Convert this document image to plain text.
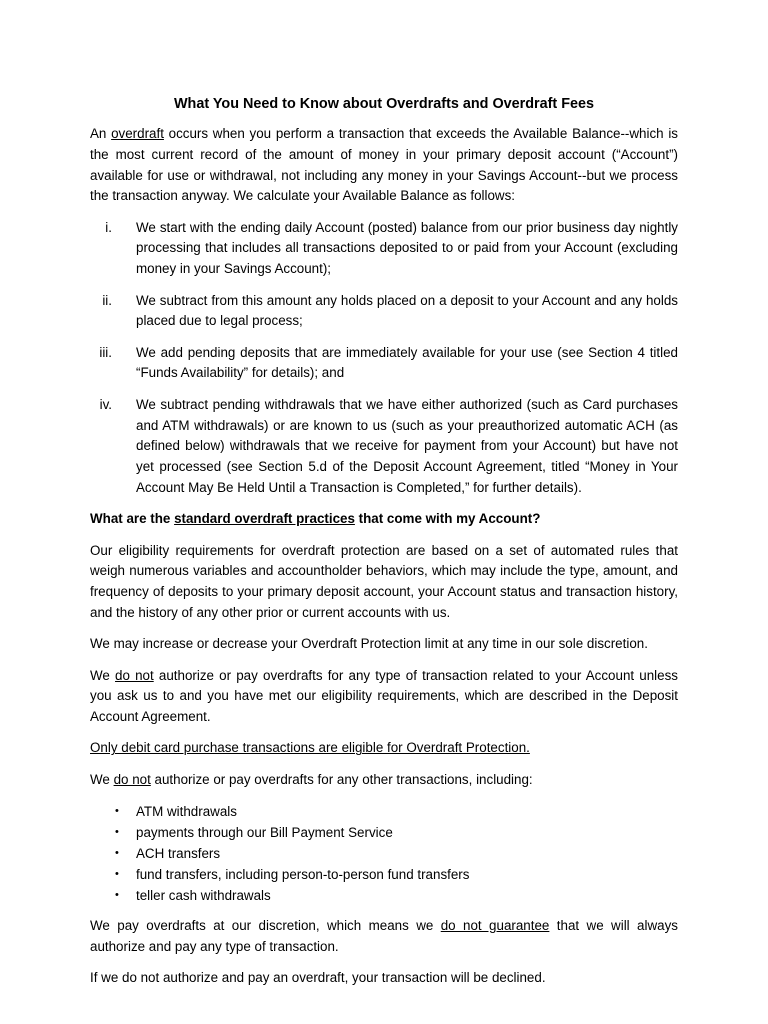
What You Need to Know about Overdrafts and Overdraft Fees

An overdraft occurs when you perform a transaction that exceeds the Available Balance--which is the most current record of the amount of money in your primary deposit account (“Account”) available for use or withdrawal, not including any money in your Savings Account--but we process the transaction anyway. We calculate your Available Balance as follows:

i. We start with the ending daily Account (posted) balance from our prior business day nightly processing that includes all transactions deposited to or paid from your Account (excluding money in your Savings Account);
ii. We subtract from this amount any holds placed on a deposit to your Account and any holds placed due to legal process;
iii. We add pending deposits that are immediately available for your use (see Section 4 titled “Funds Availability” for details); and
iv. We subtract pending withdrawals that we have either authorized (such as Card purchases and ATM withdrawals) or are known to us (such as your preauthorized automatic ACH (as defined below) withdrawals that we receive for payment from your Account) but have not yet processed (see Section 5.d of the Deposit Account Agreement, titled “Money in Your Account May Be Held Until a Transaction is Completed,” for further details).

What are the standard overdraft practices that come with my Account?

Our eligibility requirements for overdraft protection are based on a set of automated rules that weigh numerous variables and accountholder behaviors, which may include the type, amount, and frequency of deposits to your primary deposit account, your Account status and transaction history, and the history of any other prior or current accounts with us.

We may increase or decrease your Overdraft Protection limit at any time in our sole discretion.

We do not authorize or pay overdrafts for any type of transaction related to your Account unless you ask us to and you have met our eligibility requirements, which are described in the Deposit Account Agreement.

Only debit card purchase transactions are eligible for Overdraft Protection.

We do not authorize or pay overdrafts for any other transactions, including:

• ATM withdrawals
• payments through our Bill Payment Service
• ACH transfers
• fund transfers, including person-to-person fund transfers
• teller cash withdrawals

We pay overdrafts at our discretion, which means we do not guarantee that we will always authorize and pay any type of transaction.

If we do not authorize and pay an overdraft, your transaction will be declined.
